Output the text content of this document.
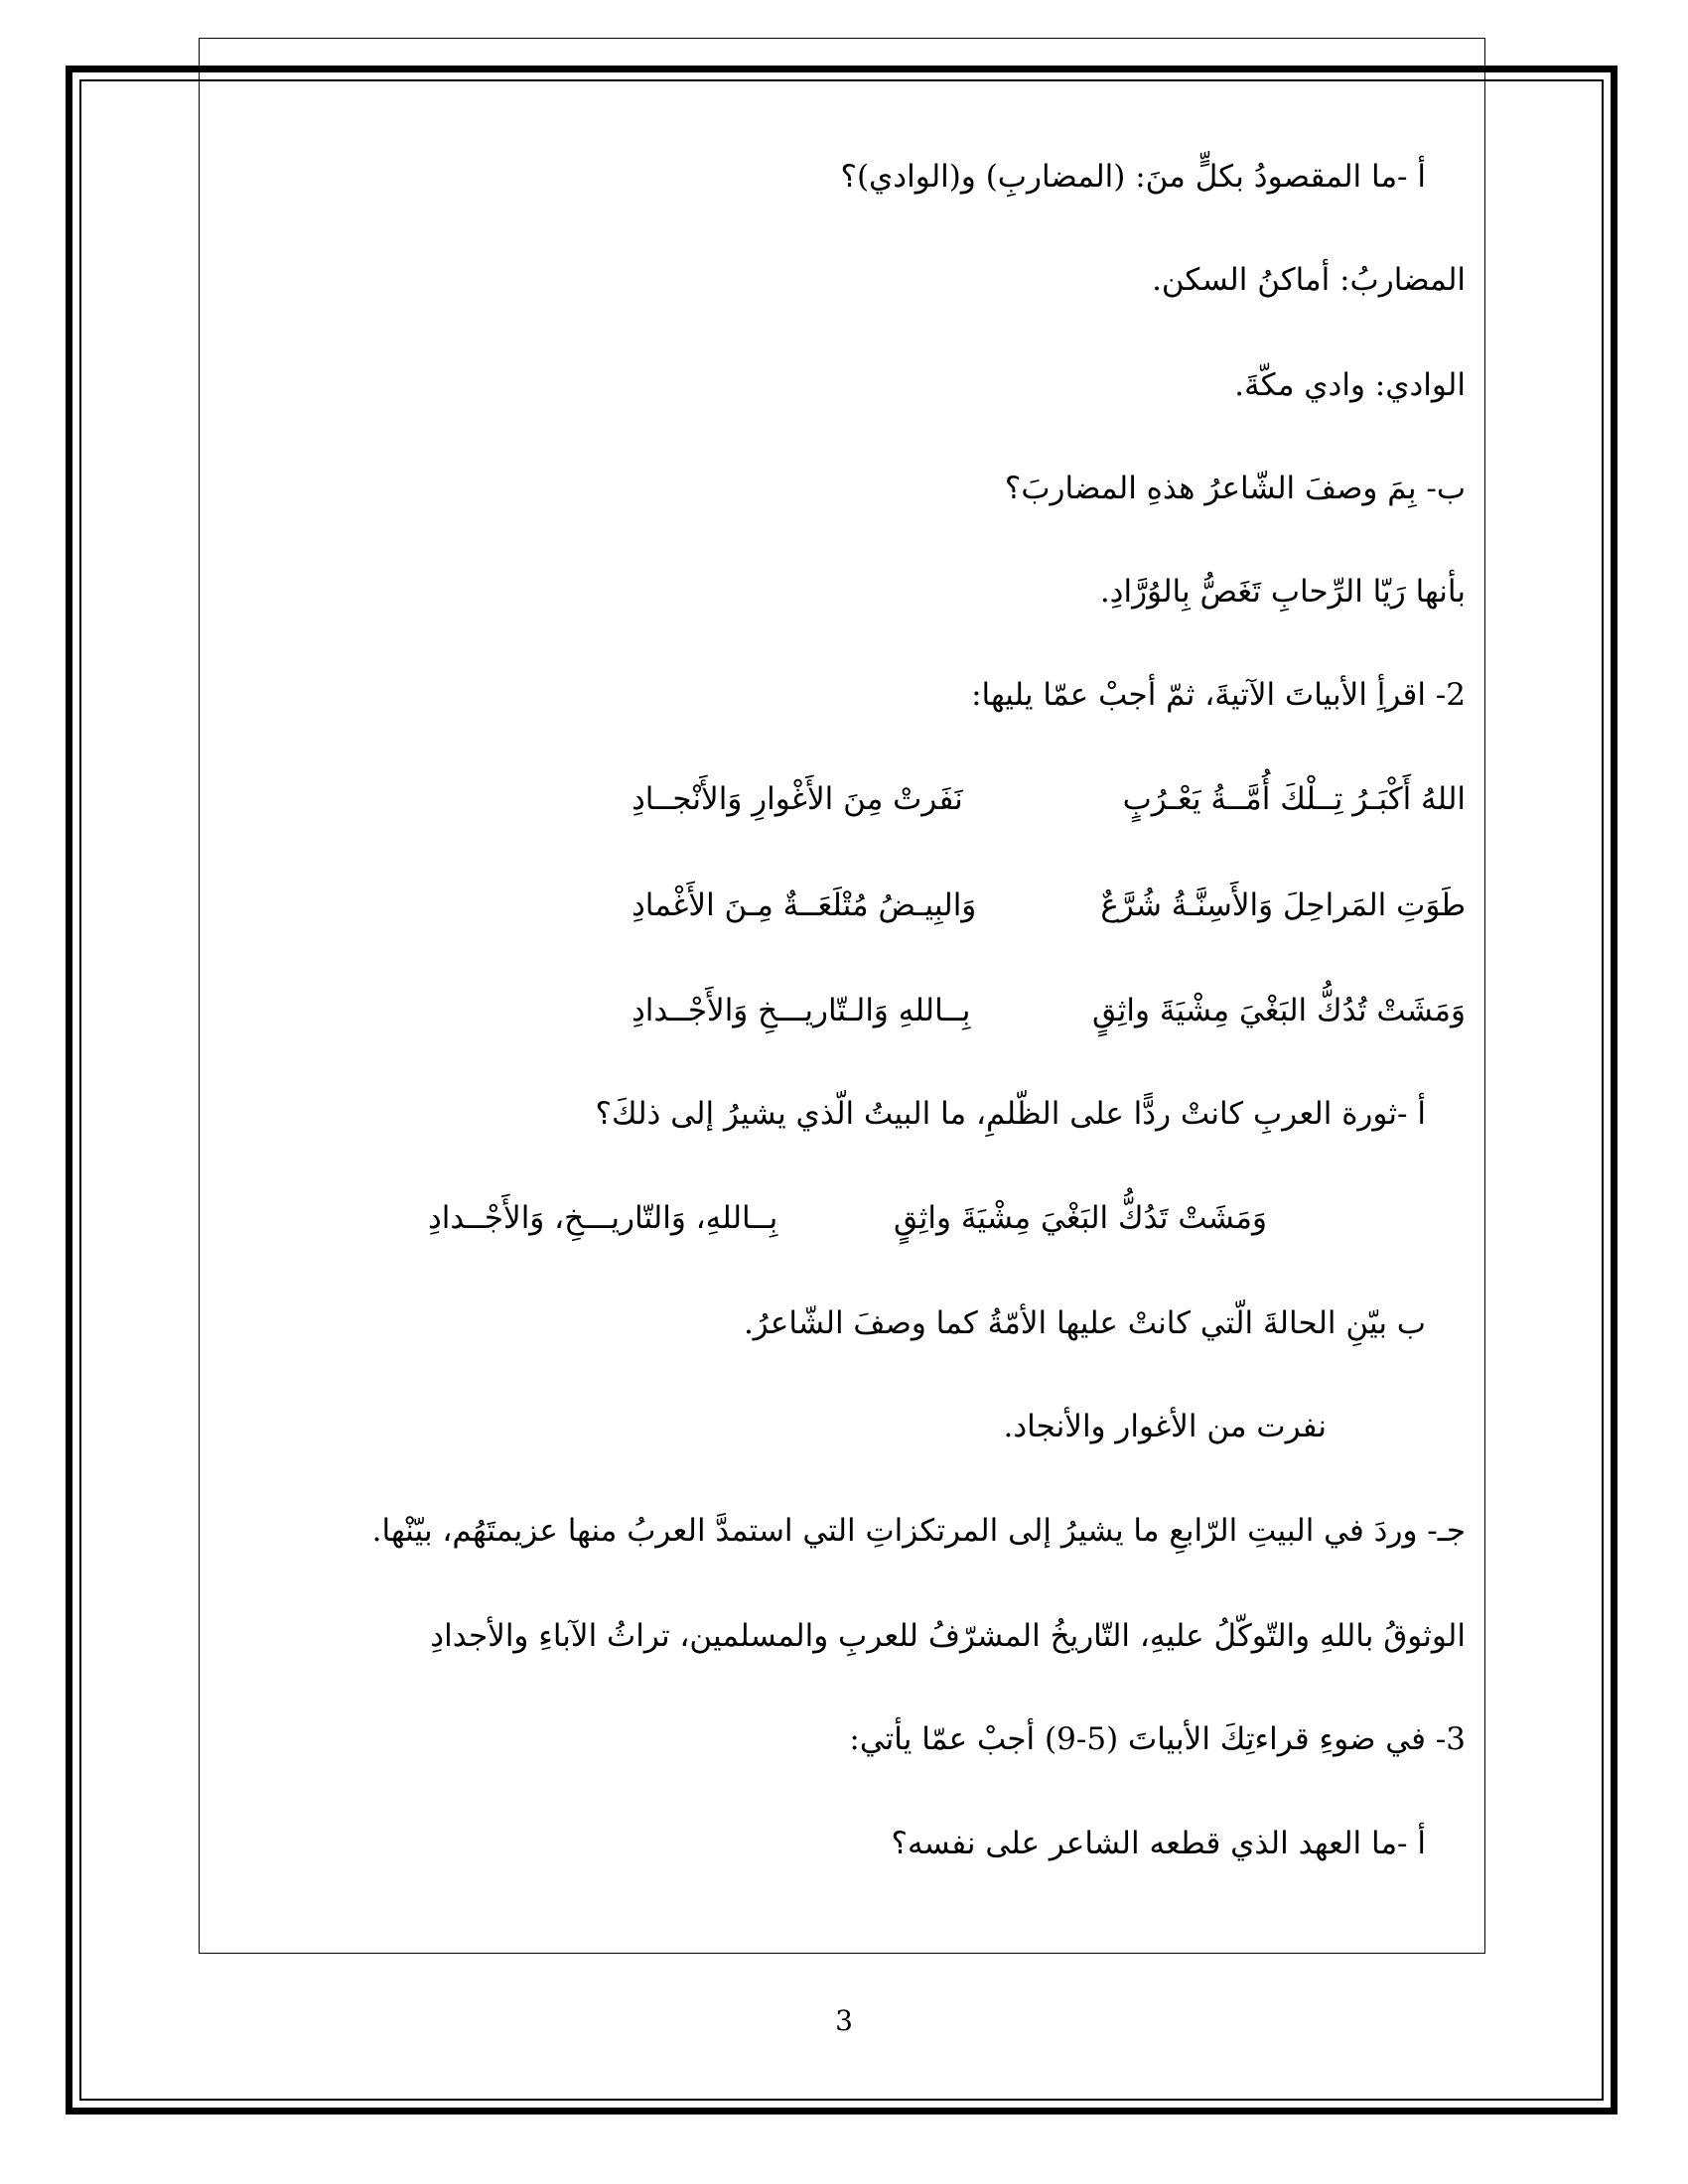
أ -ما المقصودُ بكلٍّ منَ: (المضاربِ) و(الوادي)؟
المضاربُ: أماكنُ السكن.
الوادي: وادي مكّةَ.
ب- بِمَ وصفَ الشّاعرُ هذهِ المضاربَ؟
بأنها رَيّا الرِّحابِ تَغَصُّ بِالوُرَّادِ.
2- اقرأِ الأبياتَ الآتيةَ، ثمّ أجبْ عمّا يليها:
اللهُ أَكْبَـرُ تِــلْكَ أُمَّــةُ يَعْـرُبٍ
نَفَرتْ مِنَ الأَغْوارِ وَالأَنْجــادِ
طَوَتِ المَراحِلَ وَالأَسِنَّـةُ شُرَّعٌ
وَالبِيـضُ مُتْلَعَــةٌ مِـنَ الأَغْمادِ
وَمَشَتْ تُدُكُّ البَغْيَ مِشْيَةَ واثِقٍ
بِــاللهِ وَالـتّاريـــخِ وَالأَجْــدادِ
أ -ثورة العربِ كانتْ ردًّا على الظّلمِ، ما البيتُ الّذي يشيرُ إلى ذلكَ؟
وَمَشَتْ تَدُكُّ البَغْيَ مِشْيَةَ واثِقٍ
بِــاللهِ، وَالتّاريـــخِ، وَالأَجْــدادِ
ب بيّنِ الحالةَ الّتي كانتْ عليها الأمّةُ كما وصفَ الشّاعرُ.
نفرت من الأغوار والأنجاد.
جـ- وردَ في البيتِ الرّابعِ ما يشيرُ إلى المرتكزاتِ التي استمدَّ العربُ منها عزيمتَهُم، بيّنْها.
الوثوقُ باللهِ والتّوكّلُ عليهِ، التّاريخُ المشرّفُ للعربِ والمسلمين، تراثُ الآباءِ والأجدادِ
3- في ضوءِ قراءتِكَ الأبياتَ (5-9) أجبْ عمّا يأتي:
أ -ما العهد الذي قطعه الشاعر على نفسه؟
3
